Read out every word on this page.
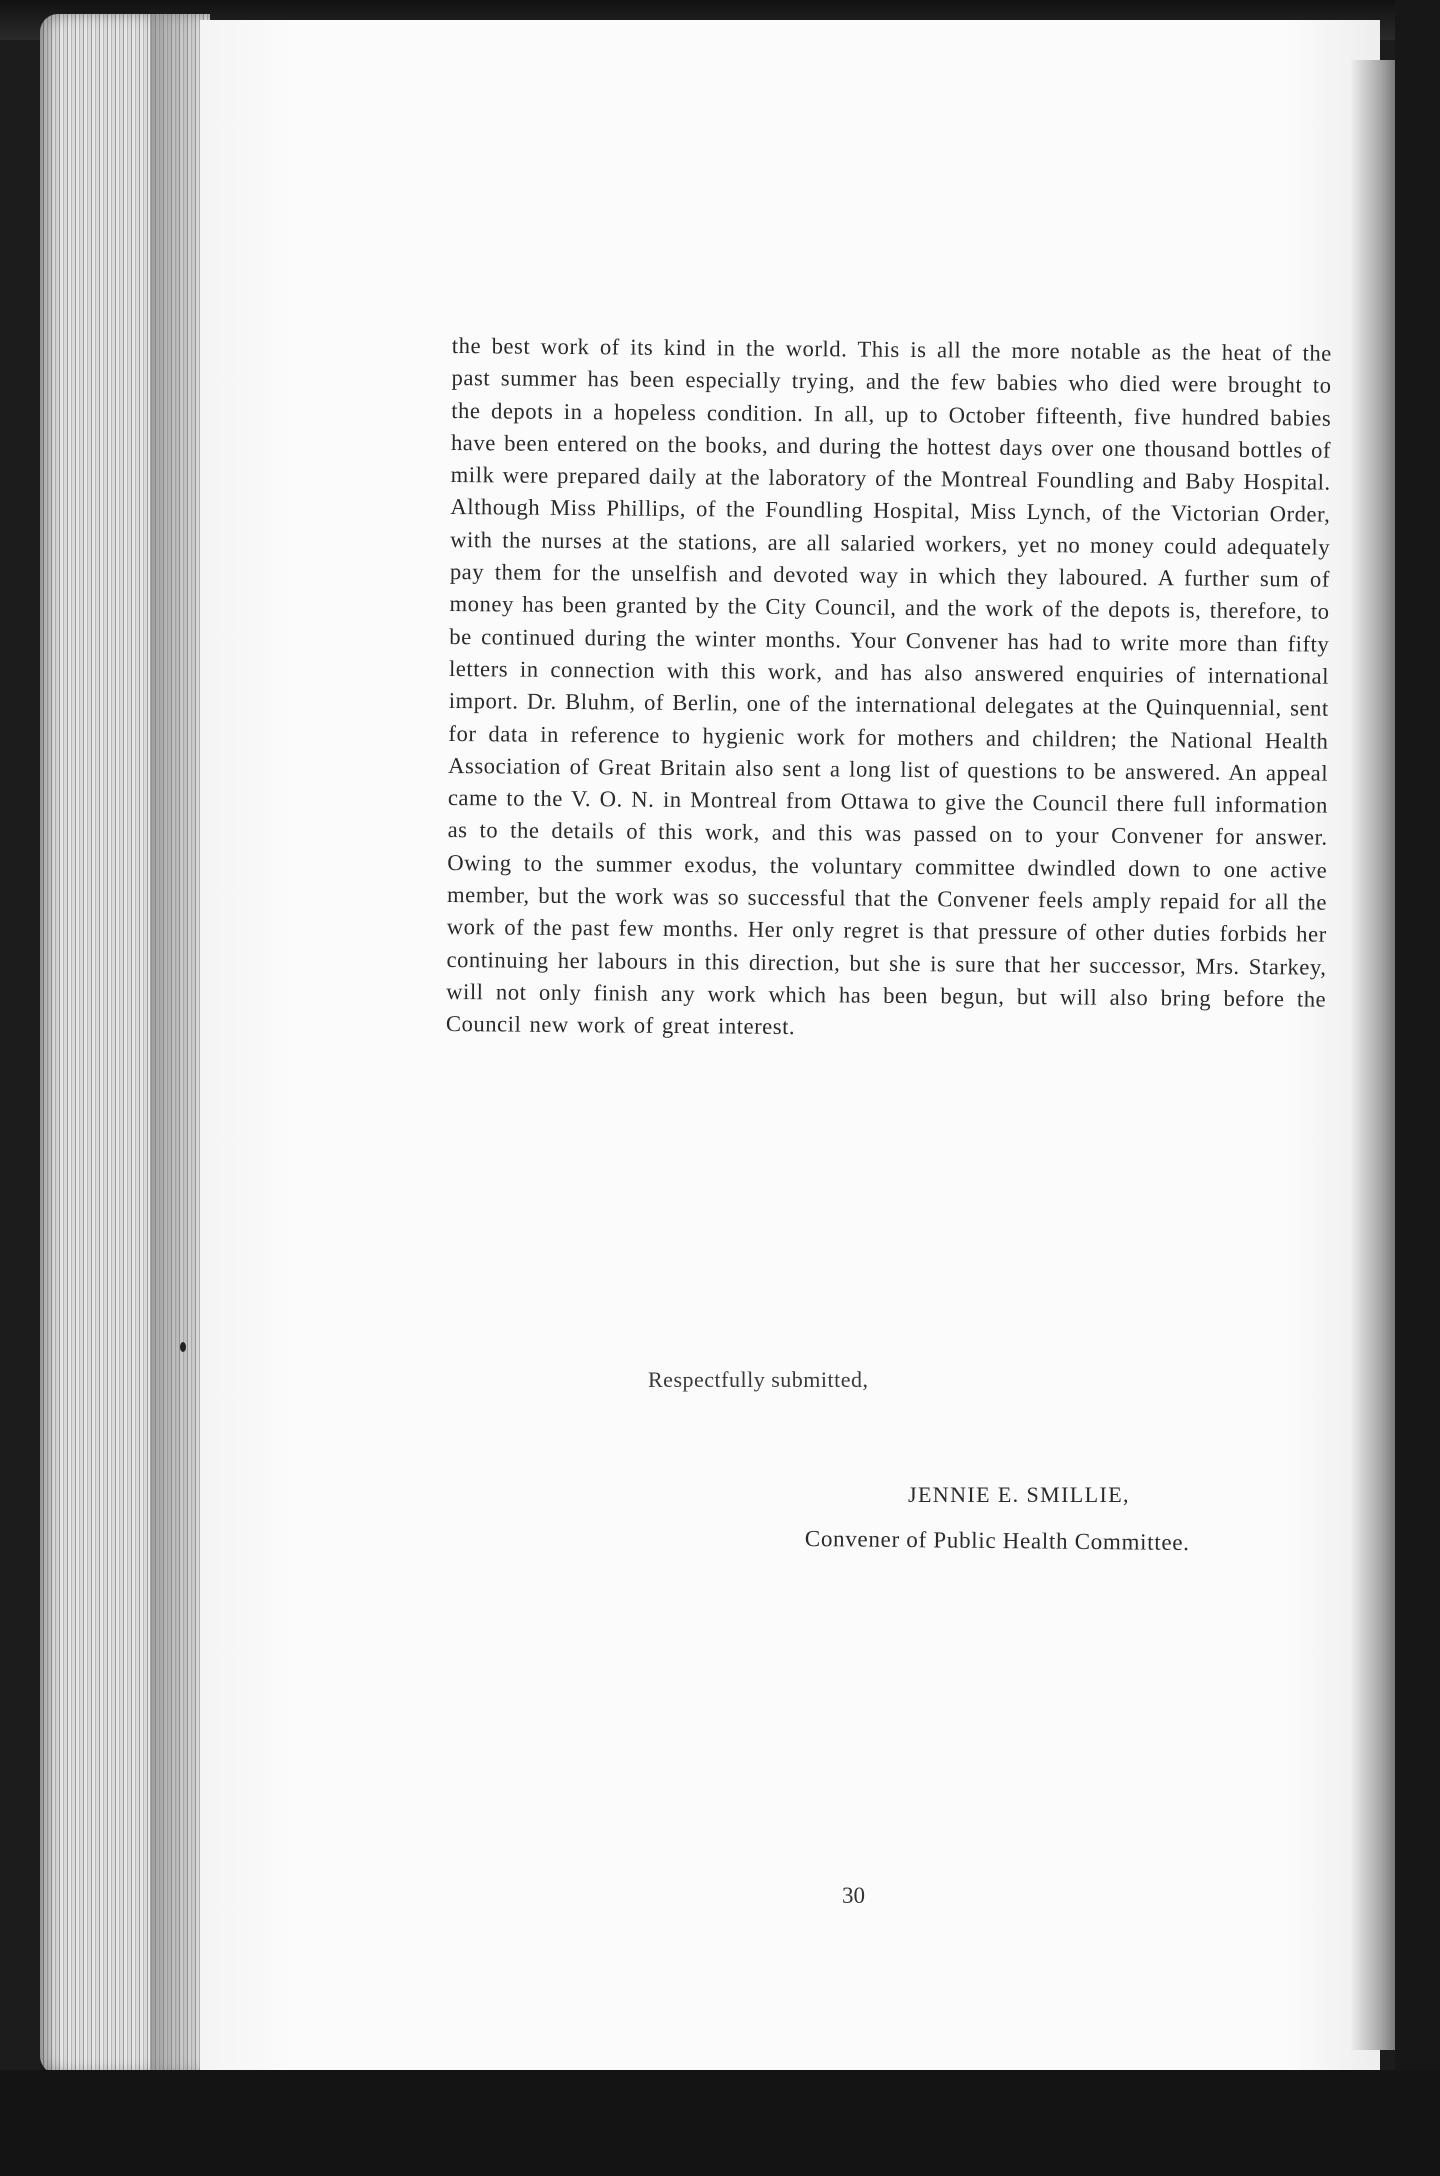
the best work of its kind in the world. This is all the more notable as the heat of the past summer has been especially trying, and the few babies who died were brought to the depots in a hopeless condition. In all, up to October fifteenth, five hundred babies have been entered on the books, and during the hottest days over one thousand bottles of milk were prepared daily at the laboratory of the Montreal Foundling and Baby Hospital. Although Miss Phillips, of the Foundling Hospital, Miss Lynch, of the Victorian Order, with the nurses at the stations, are all salaried workers, yet no money could adequately pay them for the unselfish and devoted way in which they laboured. A further sum of money has been granted by the City Council, and the work of the depots is, therefore, to be continued during the winter months. Your Convener has had to write more than fifty letters in connection with this work, and has also answered enquiries of international import. Dr. Bluhm, of Berlin, one of the international delegates at the Quinquennial, sent for data in reference to hygienic work for mothers and children; the National Health Association of Great Britain also sent a long list of questions to be answered. An appeal came to the V. O. N. in Montreal from Ottawa to give the Council there full information as to the details of this work, and this was passed on to your Convener for answer. Owing to the summer exodus, the voluntary committee dwindled down to one active member, but the work was so successful that the Convener feels amply repaid for all the work of the past few months. Her only regret is that pressure of other duties forbids her continuing her labours in this direction, but she is sure that her successor, Mrs. Starkey, will not only finish any work which has been begun, but will also bring before the Council new work of great interest.

Respectfully submitted,

JENNIE E. SMILLIE,

Convener of Public Health Committee.

30
